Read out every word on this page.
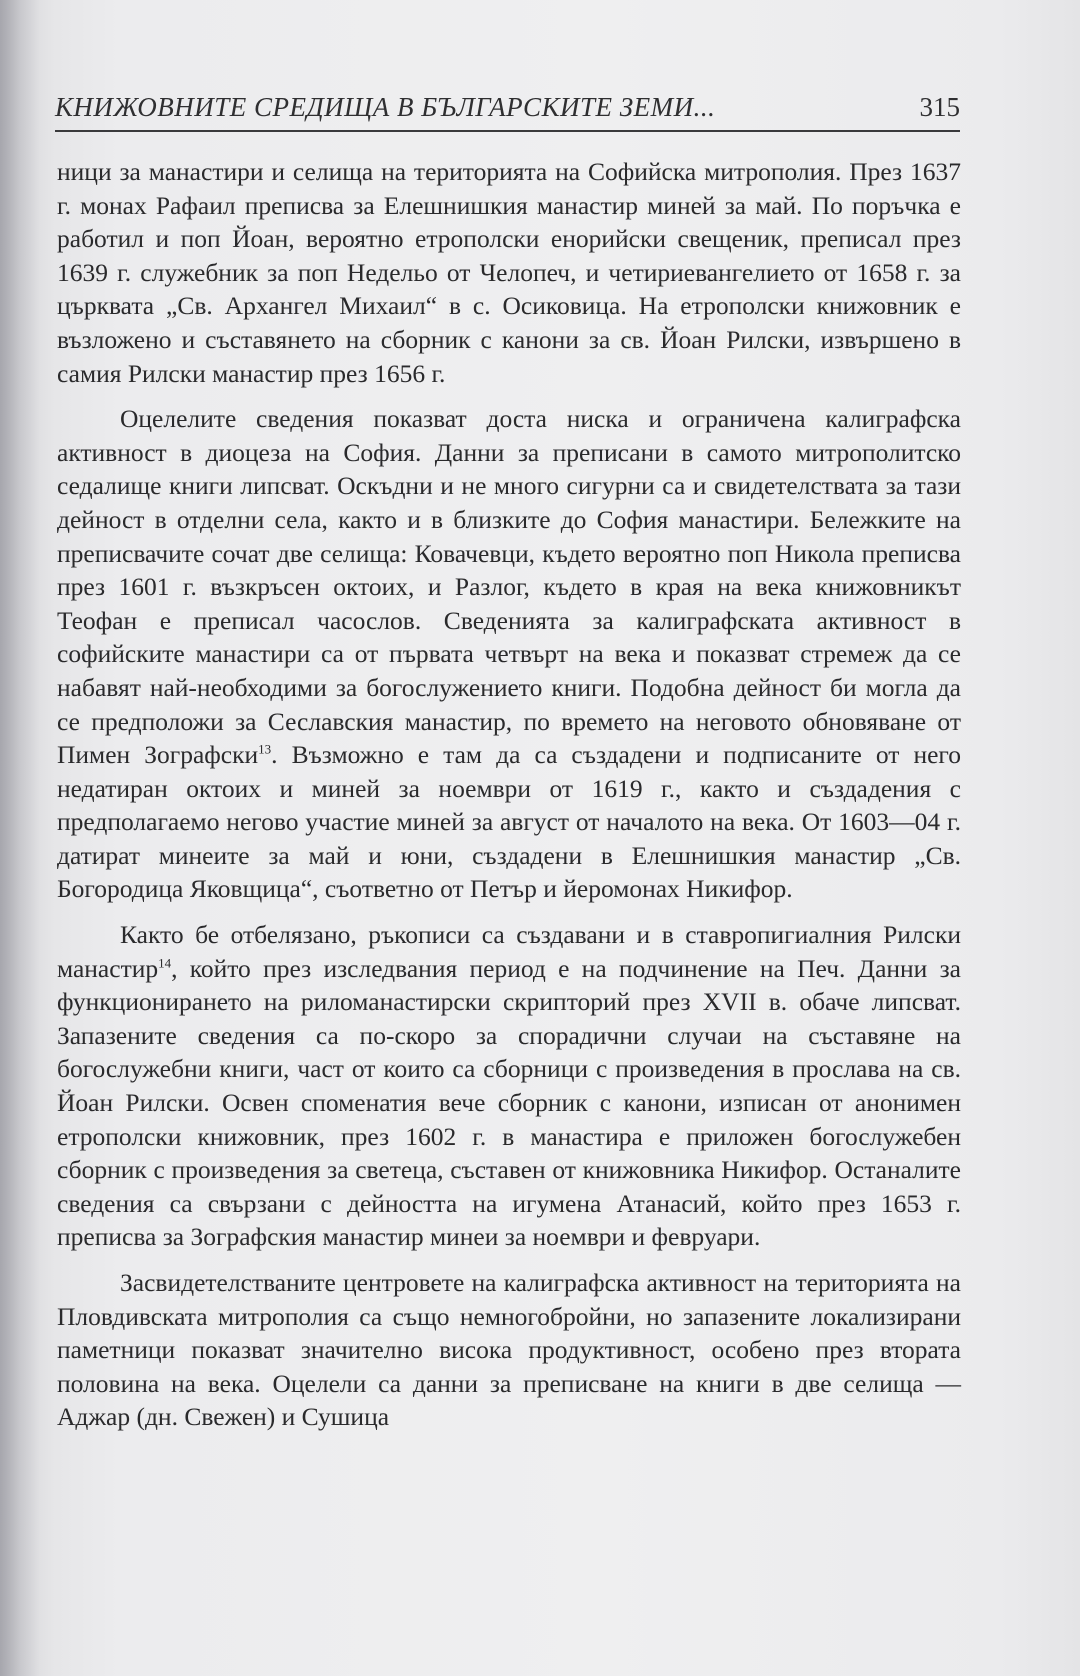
КНИЖОВНИТЕ СРЕДИЩА В БЪЛГАРСКИТЕ ЗЕМИ...	315

ници за манастири и селища на територията на Софийска митрополия. През 1637 г. монах Рафаил преписва за Елешнишкия манастир миней за май. По поръчка е работил и поп Йоан, вероятно етрополски енорийски свещеник, преписал през 1639 г. служебник за поп Недельо от Челопеч, и четириевангелието от 1658 г. за църквата „Св. Архангел Михаил“ в с. Осиковица. На етрополски книжовник е възложено и съставянето на сборник с канони за св. Йоан Рилски, извършено в самия Рилски манастир през 1656 г.

Оцелелите сведения показват доста ниска и ограничена калиграфска активност в диоцеза на София. Данни за преписани в самото митрополитско седалище книги липсват. Оскъдни и не много сигурни са и свидетелствата за тази дейност в отделни села, както и в близките до София манастири. Бележките на преписвачите сочат две селища: Ковачевци, където вероятно поп Никола преписва през 1601 г. възкръсен октоих, и Разлог, където в края на века книжовникът Теофан е преписал часослов. Сведенията за калиграфската активност в софийските манастири са от първата четвърт на века и показват стремеж да се набавят най-необходими за богослужението книги. Подобна дейност би могла да се предположи за Сеславския манастир, по времето на неговото обновяване от Пимен Зографски$^{13}$. Възможно е там да са създадени и подписаните от него недатиран октоих и миней за ноември от 1619 г., както и създадения с предполагаемо негово участие миней за август от началото на века. От 1603—04 г. датират минеите за май и юни, създадени в Елешнишкия манастир „Св. Богородица Яковщица“, съответно от Петър и йеромонах Никифор.

Както бе отбелязано, ръкописи са създавани и в ставропигиалния Рилски манастир$^{14}$, който през изследвания период е на подчинение на Печ. Данни за функционирането на риломанастирски скрипторий през XVII в. обаче липсват. Запазените сведения са по-скоро за спорадични случаи на съставяне на богослужебни книги, част от които са сборници с произведения в прослава на св. Йоан Рилски. Освен споменатия вече сборник с канони, изписан от анонимен етрополски книжовник, през 1602 г. в манастира е приложен богослужебен сборник с произведения за светеца, съставен от книжовника Никифор. Останалите сведения са свързани с дейността на игумена Атанасий, който през 1653 г. преписва за Зографския манастир минеи за ноември и февруари.

Засвидетелстваните центровете на калиграфска активност на територията на Пловдивската митрополия са също немногобройни, но запазените локализирани паметници показват значително висока продуктивност, особено през втората половина на века. Оцелели са данни за преписване на книги в две селища — Аджар (дн. Свежен) и Сушица
